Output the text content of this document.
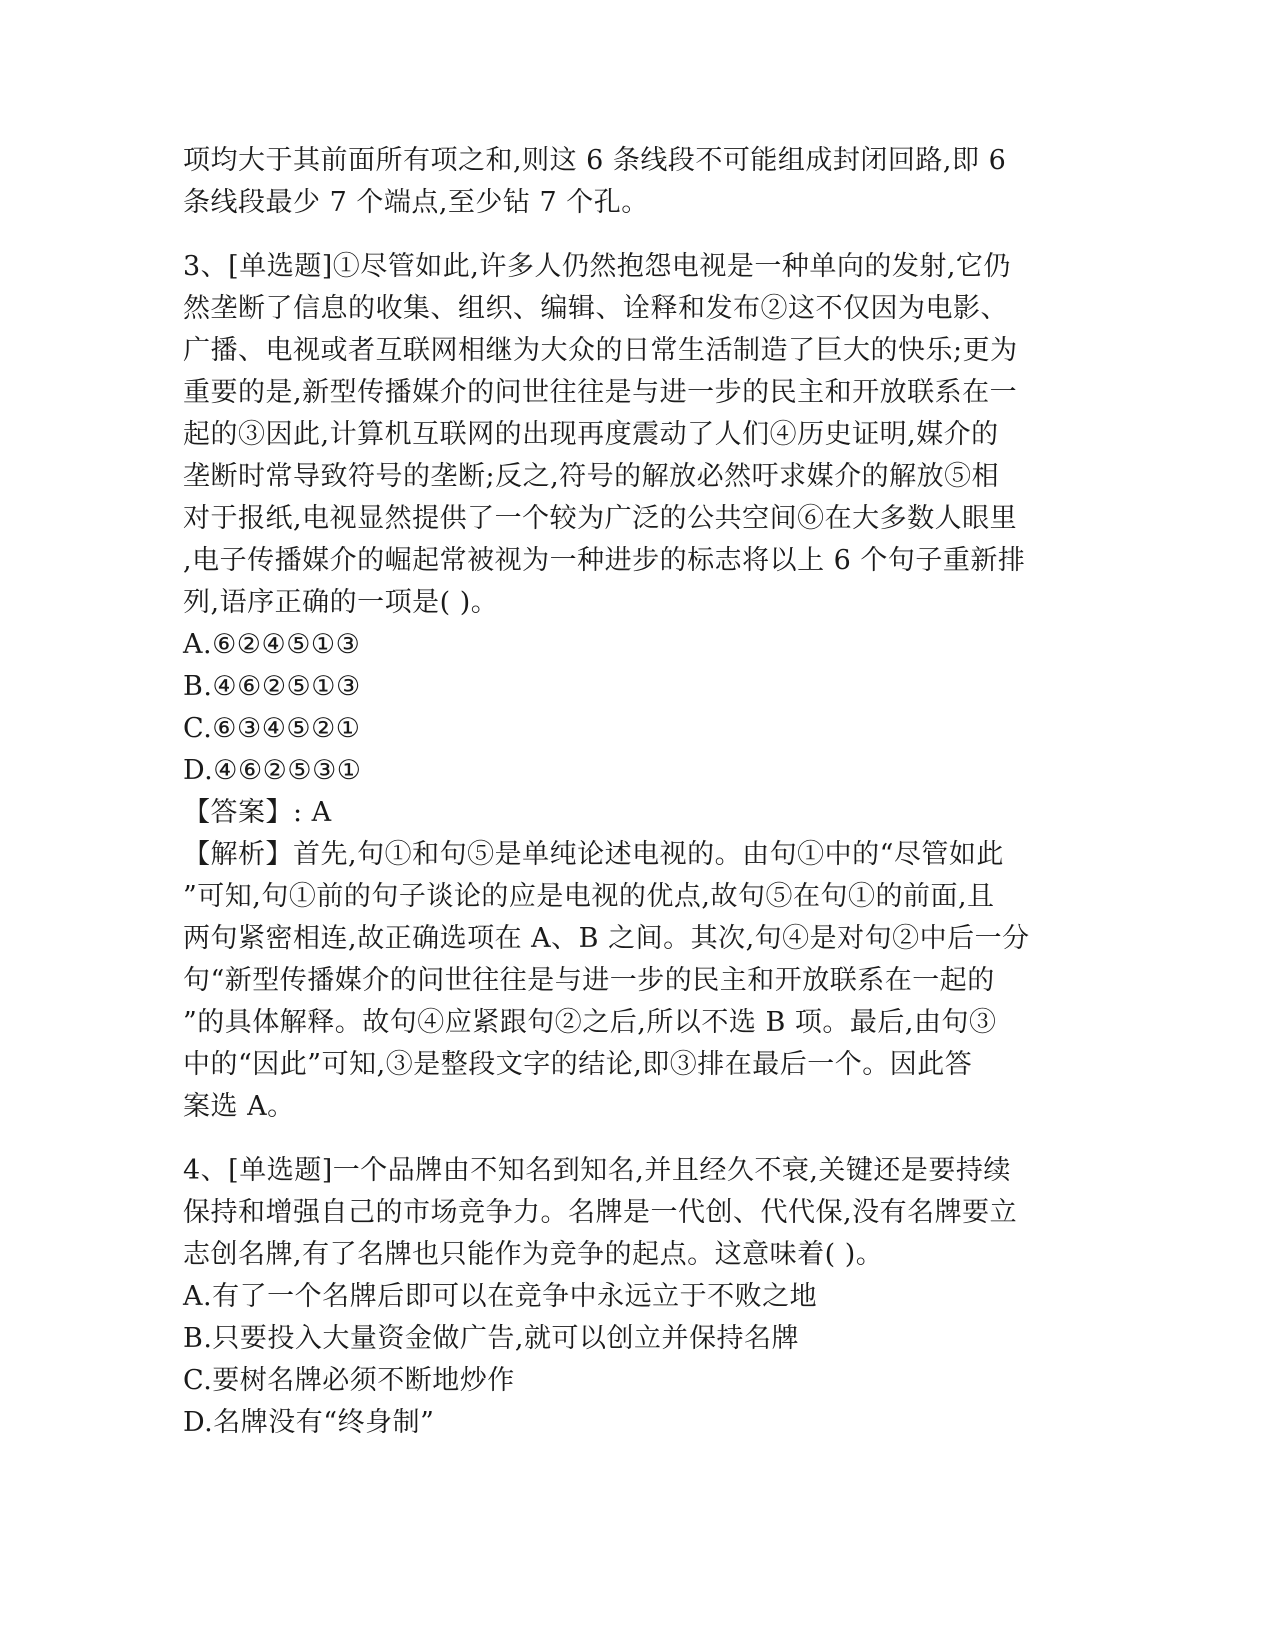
项均大于其前面所有项之和,则这 6 条线段不可能组成封闭回路,即 6
条线段最少 7 个端点,至少钻 7 个孔。
3、[单选题]①尽管如此,许多人仍然抱怨电视是一种单向的发射,它仍
然垄断了信息的收集、组织、编辑、诠释和发布②这不仅因为电影、
广播、电视或者互联网相继为大众的日常生活制造了巨大的快乐;更为
重要的是,新型传播媒介的问世往往是与进一步的民主和开放联系在一
起的③因此,计算机互联网的出现再度震动了人们④历史证明,媒介的
垄断时常导致符号的垄断;反之,符号的解放必然吁求媒介的解放⑤相
对于报纸,电视显然提供了一个较为广泛的公共空间⑥在大多数人眼里
,电子传播媒介的崛起常被视为一种进步的标志将以上 6 个句子重新排
列,语序正确的一项是( )。
A.⑥②④⑤①③
B.④⑥②⑤①③
C.⑥③④⑤②①
D.④⑥②⑤③①
【答案】: A
【解析】首先,句①和句⑤是单纯论述电视的。由句①中的“尽管如此
”可知,句①前的句子谈论的应是电视的优点,故句⑤在句①的前面,且
两句紧密相连,故正确选项在 A、B 之间。其次,句④是对句②中后一分
句“新型传播媒介的问世往往是与进一步的民主和开放联系在一起的
”的具体解释。故句④应紧跟句②之后,所以不选 B 项。最后,由句③
中的“因此”可知,③是整段文字的结论,即③排在最后一个。因此答
案选 A。
4、[单选题]一个品牌由不知名到知名,并且经久不衰,关键还是要持续
保持和增强自己的市场竞争力。名牌是一代创、代代保,没有名牌要立
志创名牌,有了名牌也只能作为竞争的起点。这意味着( )。
A.有了一个名牌后即可以在竞争中永远立于不败之地
B.只要投入大量资金做广告,就可以创立并保持名牌
C.要树名牌必须不断地炒作
D.名牌没有“终身制”
